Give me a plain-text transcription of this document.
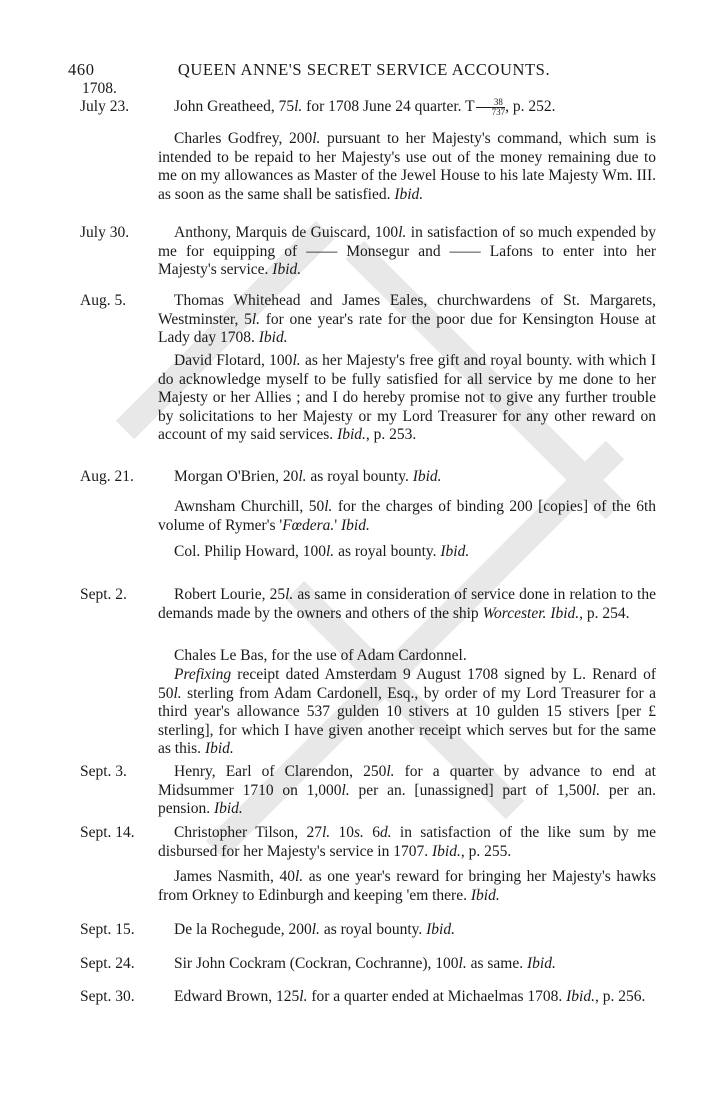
460	QUEEN ANNE'S SECRET SERVICE ACCOUNTS.
1708.
July 23.	John Greatheed, 75l. for 1708 June 24 quarter. T $\frac{38}{737}$ , p. 252.
Charles Godfrey, 200l. pursuant to her Majesty's command, which sum is intended to be repaid to her Majesty's use out of the money remaining due to me on my allowances as Master of the Jewel House to his late Majesty Wm. III. as soon as the same shall be satisfied. Ibid.
July 30.	Anthony, Marquis de Guiscard, 100l. in satisfaction of so much expended by me for equipping of —— Monsegur and —— Lafons to enter into her Majesty's service. Ibid.
Aug. 5.	Thomas Whitehead and James Eales, churchwardens of St. Margarets, Westminster, 5l. for one year's rate for the poor due for Kensington House at Lady day 1708. Ibid.
David Flotard, 100l. as her Majesty's free gift and royal bounty. with which I do acknowledge myself to be fully satisfied for all service by me done to her Majesty or her Allies ; and I do hereby promise not to give any further trouble by solicitations to her Majesty or my Lord Treasurer for any other reward on account of my said services. Ibid., p. 253.
Aug. 21.	Morgan O'Brien, 20l. as royal bounty. Ibid.
Awnsham Churchill, 50l. for the charges of binding 200 [copies] of the 6th volume of Rymer's 'Fœdera.' Ibid.
Col. Philip Howard, 100l. as royal bounty. Ibid.
Sept. 2.	Robert Lourie, 25l. as same in consideration of service done in relation to the demands made by the owners and others of the ship Worcester. Ibid., p. 254.
Chales Le Bas, for the use of Adam Cardonnel.
Prefixing receipt dated Amsterdam 9 August 1708 signed by L. Renard of 50l. sterling from Adam Cardonell, Esq., by order of my Lord Treasurer for a third year's allowance 537 gulden 10 stivers at 10 gulden 15 stivers [per £ sterling], for which I have given another receipt which serves but for the same as this. Ibid.
Sept. 3.	Henry, Earl of Clarendon, 250l. for a quarter by advance to end at Midsummer 1710 on 1,000l. per an. [unassigned] part of 1,500l. per an. pension. Ibid.
Sept. 14.	Christopher Tilson, 27l. 10s. 6d. in satisfaction of the like sum by me disbursed for her Majesty's service in 1707. Ibid., p. 255.
James Nasmith, 40l. as one year's reward for bringing her Majesty's hawks from Orkney to Edinburgh and keeping 'em there. Ibid.
Sept. 15.	De la Rochegude, 200l. as royal bounty. Ibid.
Sept. 24.	Sir John Cockram (Cockran, Cochranne), 100l. as same. Ibid.
Sept. 30.	Edward Brown, 125l. for a quarter ended at Michaelmas 1708. Ibid., p. 256.
